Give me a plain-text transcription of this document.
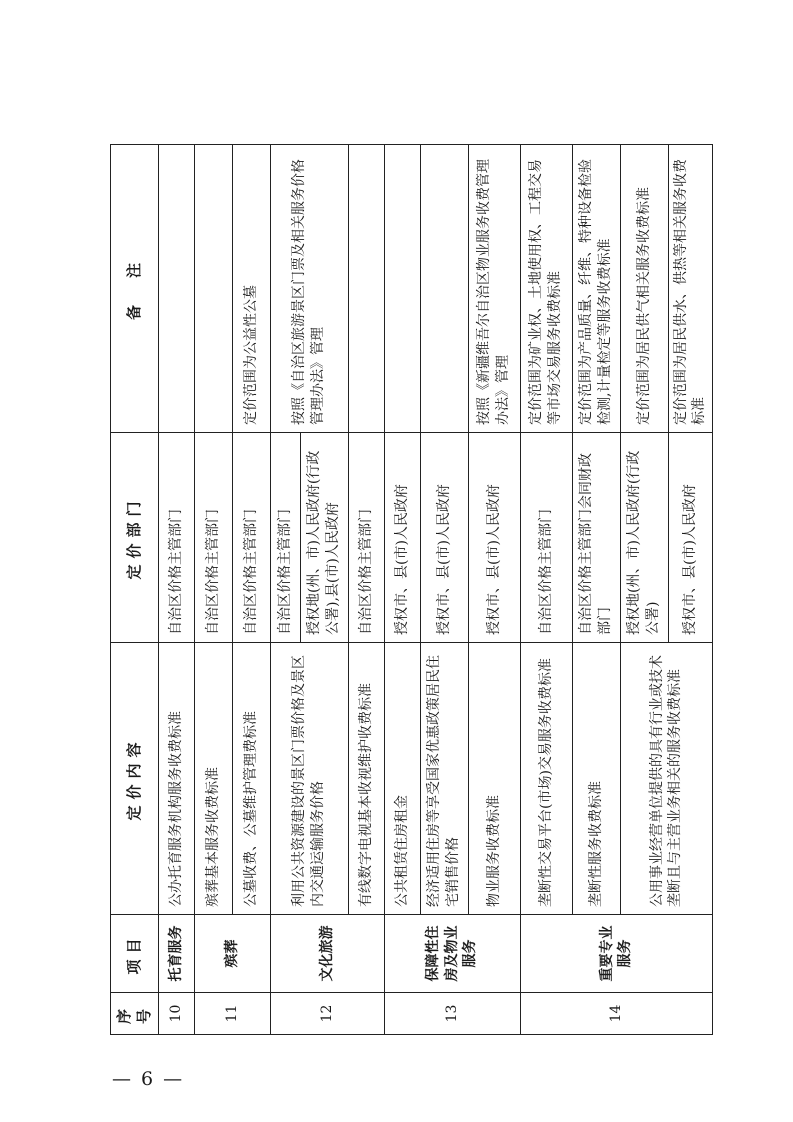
— 6 —
序号	项目	定价内容	定价部门	备　注
10	托育服务	公办托育服务机构服务收费标准	自治区价格主管部门	
11	殡葬	殡葬基本服务收费标准	自治区价格主管部门	
		公墓收费、公墓维护管理费标准	自治区价格主管部门	定价范围为公益性公墓
12	文化旅游	利用公共资源建设的景区门票价格及景区内交通运输服务价格	自治区价格主管部门	按照《自治区旅游景区门票及相关服务价格管理办法》管理
			授权地(州、市)人民政府(行政公署),县(市)人民政府	
		有线数字电视基本收视维护收费标准	自治区价格主管部门	
13	保障性住房及物业服务	公共租赁住房租金	授权市、县(市)人民政府	
		经济适用住房等享受国家优惠政策居民住宅销售价格	授权市、县(市)人民政府	
		物业服务收费标准	授权市、县(市)人民政府	按照《新疆维吾尔自治区物业服务收费管理办法》管理
14	重要专业服务	垄断性交易平台(市场)交易服务收费标准	自治区价格主管部门	定价范围为矿业权、土地使用权、工程交易等市场交易服务收费标准
		垄断性服务收费标准	自治区价格主管部门会同财政部门	定价范围为产品质量、纤维、特种设备检验检测,计量检定等服务收费标准
		公用事业经营单位提供的具有行业或技术垄断且与主营业务相关的服务收费标准	授权地(州、市)人民政府(行政公署)	定价范围为居民供气相关服务收费标准
			授权市、县(市)人民政府	定价范围为居民供水、供热等相关服务收费标准
